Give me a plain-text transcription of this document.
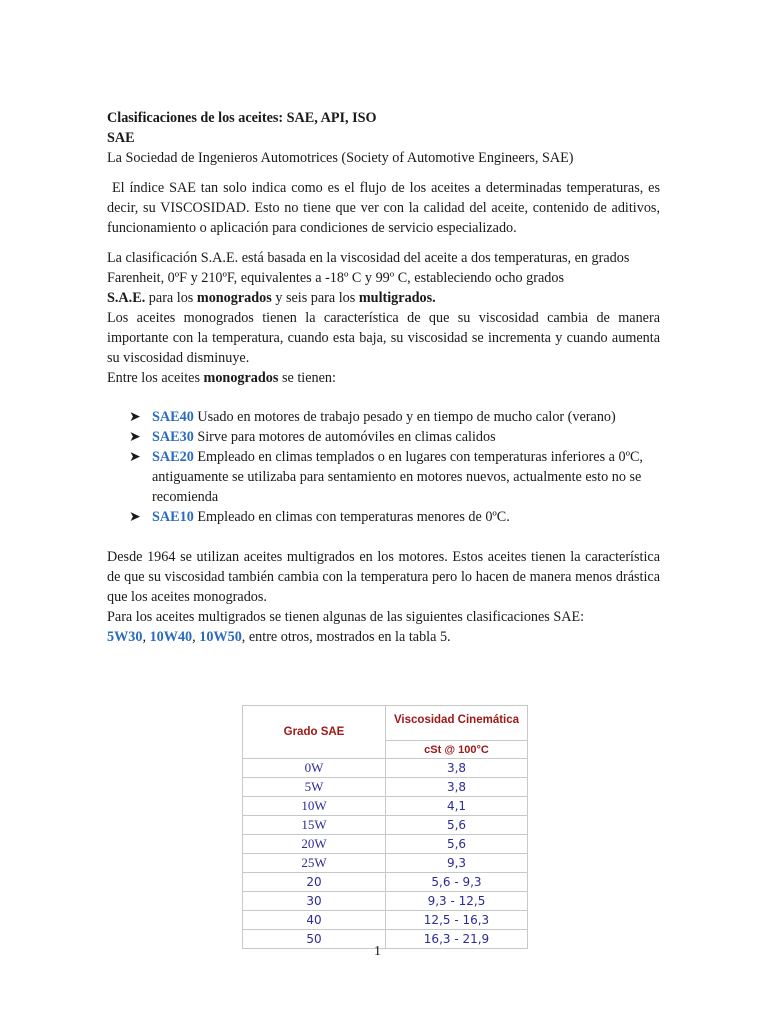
Clasificaciones de los aceites: SAE, API, ISO

SAE

La Sociedad de Ingenieros Automotrices (Society of Automotive Engineers, SAE)

El índice SAE tan solo indica como es el flujo de los aceites a determinadas temperaturas, es decir, su VISCOSIDAD. Esto no tiene que ver con la calidad del aceite, contenido de aditivos, funcionamiento o aplicación para condiciones de servicio especializado.

La clasificación S.A.E. está basada en la viscosidad del aceite a dos temperaturas, en grados Farenheit, 0ºF y 210ºF, equivalentes a -18º C y 99º C, estableciendo ocho grados
S.A.E. para los monogrados y seis para los multigrados.

Los aceites monogrados tienen la característica de que su viscosidad cambia de manera importante con la temperatura, cuando esta baja, su viscosidad se incrementa y cuando aumenta su viscosidad disminuye.

Entre los aceites monogrados se tienen:

➤ SAE40 Usado en motores de trabajo pesado y en tiempo de mucho calor (verano)
➤ SAE30 Sirve para motores de automóviles en climas calidos
➤ SAE20 Empleado en climas templados o en lugares con temperaturas inferiores a 0ºC, antiguamente se utilizaba para sentamiento en motores nuevos, actualmente esto no se recomienda
➤ SAE10 Empleado en climas con temperaturas menores de 0ºC.

Desde 1964 se utilizan aceites multigrados en los motores. Estos aceites tienen la característica de que su viscosidad también cambia con la temperatura pero lo hacen de manera menos drástica que los aceites monogrados.

Para los aceites multigrados se tienen algunas de las siguientes clasificaciones SAE: 5W30, 10W40, 10W50, entre otros, mostrados en la tabla 5.

Grado SAE	Viscosidad Cinemática
	cSt @ 100°C
0W	3,8
5W	3,8
10W	4,1
15W	5,6
20W	5,6
25W	9,3
20	5,6 - 9,3
30	9,3 - 12,5
40	12,5 - 16,3
50	16,3 - 21,9
1
